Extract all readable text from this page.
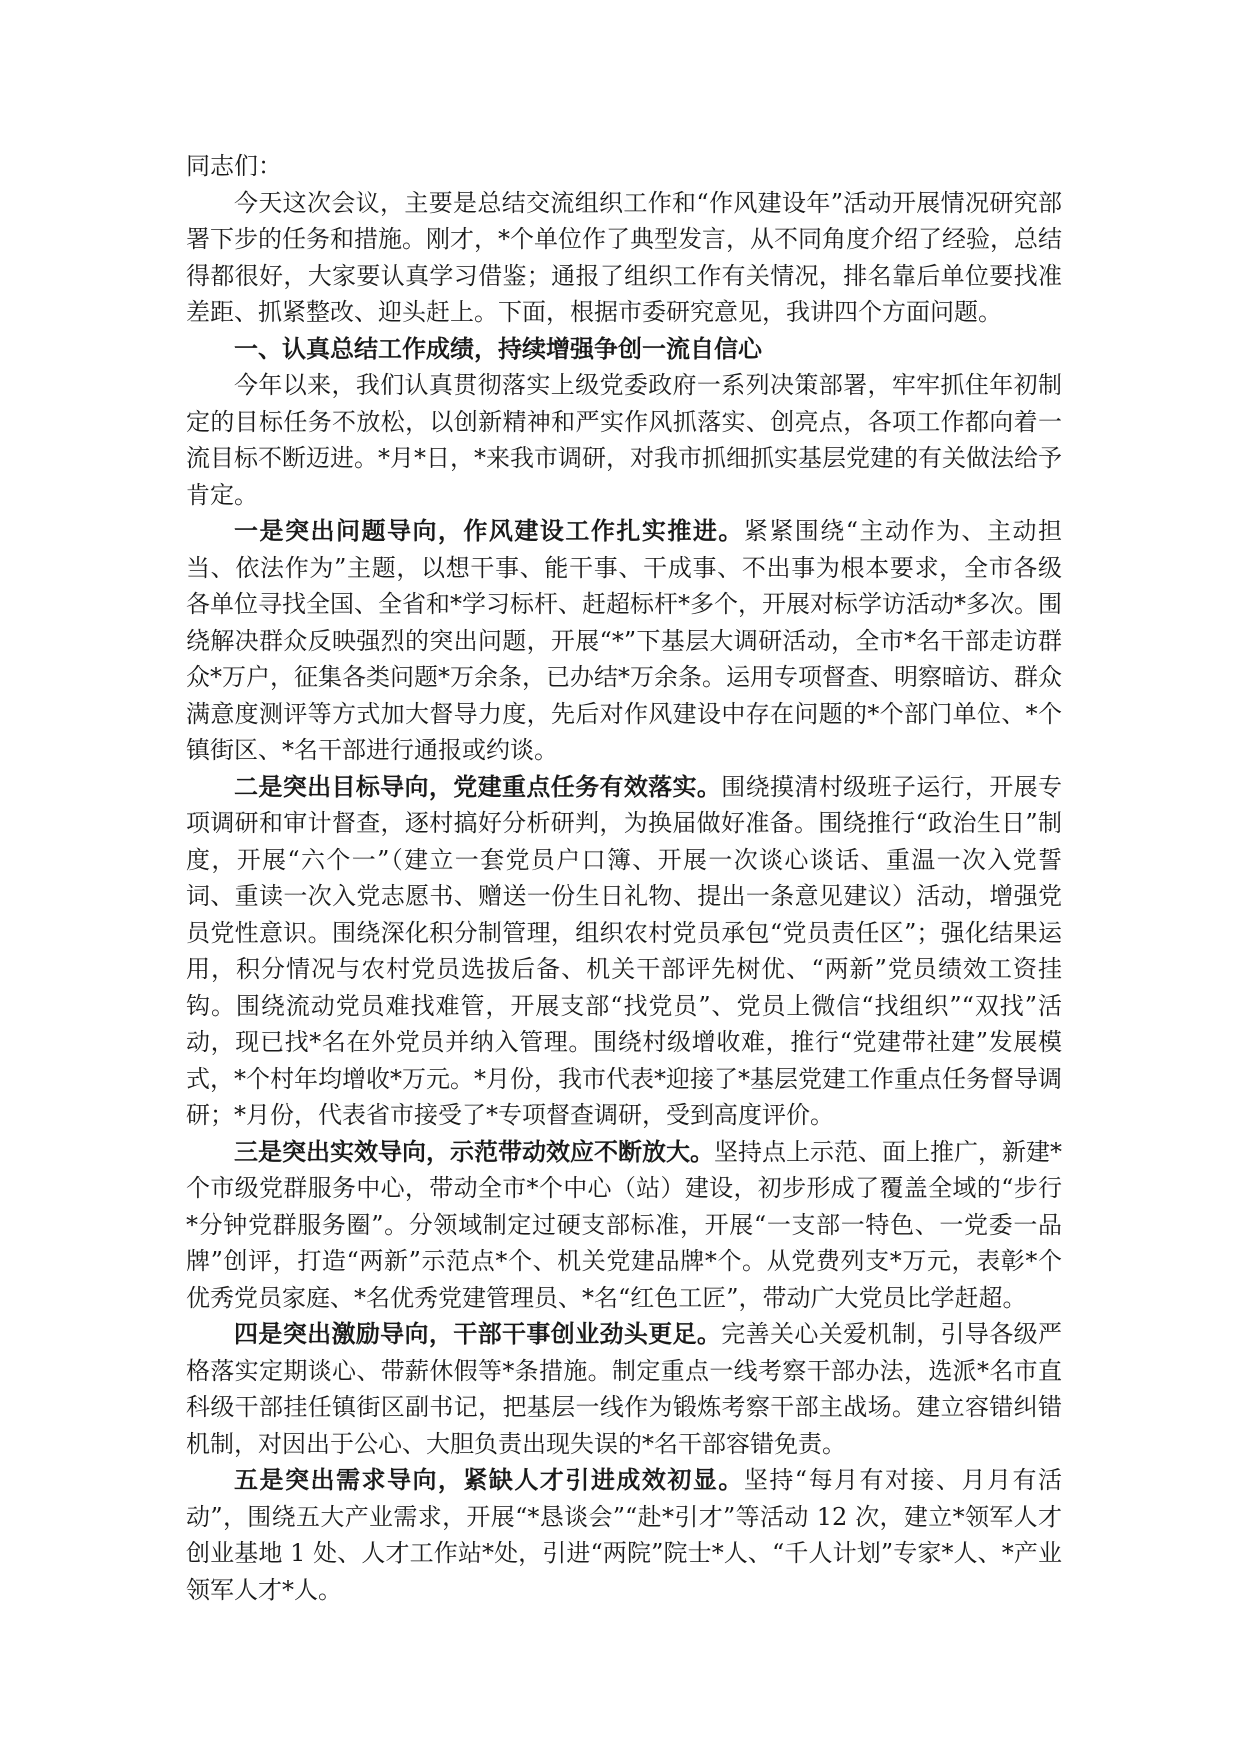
同志们：

今天这次会议，主要是总结交流组织工作和“作风建设年”活动开展情况研究部署下步的任务和措施。刚才，*个单位作了典型发言，从不同角度介绍了经验，总结得都很好，大家要认真学习借鉴；通报了组织工作有关情况，排名靠后单位要找准差距、抓紧整改、迎头赶上。下面，根据市委研究意见，我讲四个方面问题。

一、认真总结工作成绩，持续增强争创一流自信心

今年以来，我们认真贯彻落实上级党委政府一系列决策部署，牢牢抓住年初制定的目标任务不放松，以创新精神和严实作风抓落实、创亮点，各项工作都向着一流目标不断迈进。*月*日，*来我市调研，对我市抓细抓实基层党建的有关做法给予肯定。

一是突出问题导向，作风建设工作扎实推进。紧紧围绕“主动作为、主动担当、依法作为”主题，以想干事、能干事、干成事、不出事为根本要求，全市各级各单位寻找全国、全省和*学习标杆、赶超标杆*多个，开展对标学访活动*多次。围绕解决群众反映强烈的突出问题，开展“*”下基层大调研活动，全市*名干部走访群众*万户，征集各类问题*万余条，已办结*万余条。运用专项督查、明察暗访、群众满意度测评等方式加大督导力度，先后对作风建设中存在问题的*个部门单位、*个镇街区、*名干部进行通报或约谈。

二是突出目标导向，党建重点任务有效落实。围绕摸清村级班子运行，开展专项调研和审计督查，逐村搞好分析研判，为换届做好准备。围绕推行“政治生日”制度，开展“六个一”（建立一套党员户口簿、开展一次谈心谈话、重温一次入党誓词、重读一次入党志愿书、赠送一份生日礼物、提出一条意见建议）活动，增强党员党性意识。围绕深化积分制管理，组织农村党员承包“党员责任区”；强化结果运用，积分情况与农村党员选拔后备、机关干部评先树优、“两新”党员绩效工资挂钩。围绕流动党员难找难管，开展支部“找党员”、党员上微信“找组织”“双找”活动，现已找*名在外党员并纳入管理。围绕村级增收难，推行“党建带社建”发展模式，*个村年均增收*万元。*月份，我市代表*迎接了*基层党建工作重点任务督导调研；*月份，代表省市接受了*专项督查调研，受到高度评价。

三是突出实效导向，示范带动效应不断放大。坚持点上示范、面上推广，新建*个市级党群服务中心，带动全市*个中心（站）建设，初步形成了覆盖全域的“步行*分钟党群服务圈”。分领域制定过硬支部标准，开展“一支部一特色、一党委一品牌”创评，打造“两新”示范点*个、机关党建品牌*个。从党费列支*万元，表彰*个优秀党员家庭、*名优秀党建管理员、*名“红色工匠”，带动广大党员比学赶超。

四是突出激励导向，干部干事创业劲头更足。完善关心关爱机制，引导各级严格落实定期谈心、带薪休假等*条措施。制定重点一线考察干部办法，选派*名市直科级干部挂任镇街区副书记，把基层一线作为锻炼考察干部主战场。建立容错纠错机制，对因出于公心、大胆负责出现失误的*名干部容错免责。

五是突出需求导向，紧缺人才引进成效初显。坚持“每月有对接、月月有活动”，围绕五大产业需求，开展“*恳谈会”“赴*引才”等活动 12 次，建立*领军人才创业基地 1 处、人才工作站*处，引进“两院”院士*人、“千人计划”专家*人、*产业领军人才*人。
